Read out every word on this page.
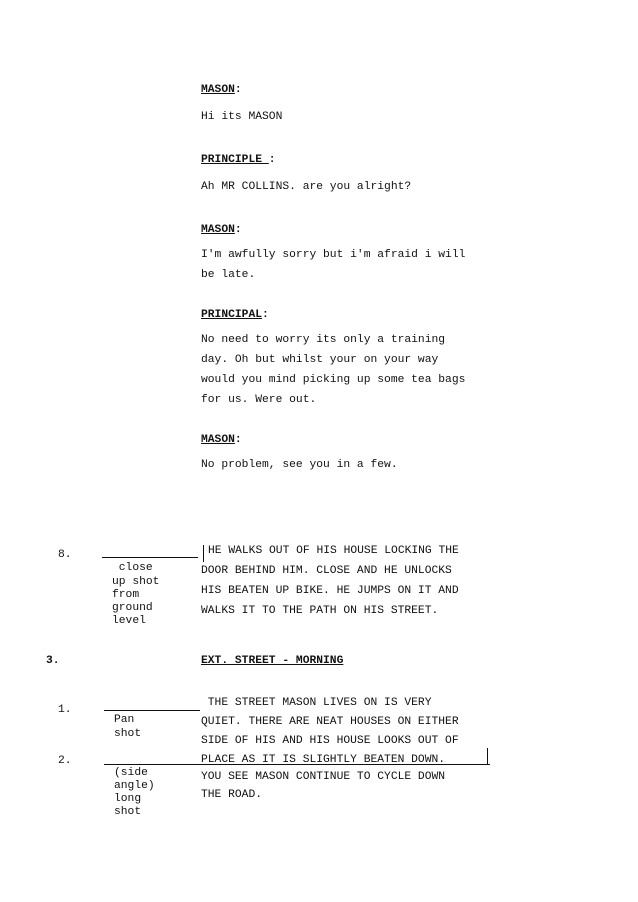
MASON:

Hi its MASON

PRINCIPLE :

Ah MR COLLINS. are you alright?

MASON:

I'm awfully sorry but i'm afraid i will

be late.

PRINCIPAL:

No need to worry its only a training

day. Oh but whilst your on your way

would you mind picking up some tea bags

for us. Were out.

MASON:

No problem, see you in a few.

8.

close

up shot

from

ground

level

HE WALKS OUT OF HIS HOUSE LOCKING THE

DOOR BEHIND HIM. CLOSE AND HE UNLOCKS

HIS BEATEN UP BIKE. HE JUMPS ON IT AND

WALKS IT TO THE PATH ON HIS STREET.

3.	EXT. STREET - MORNING

1.

Pan

shot

2.

(side

angle)

long

shot

THE STREET MASON LIVES ON IS VERY

QUIET. THERE ARE NEAT HOUSES ON EITHER

SIDE OF HIS AND HIS HOUSE LOOKS OUT OF

PLACE AS IT IS SLIGHTLY BEATEN DOWN.

YOU SEE MASON CONTINUE TO CYCLE DOWN

THE ROAD.
